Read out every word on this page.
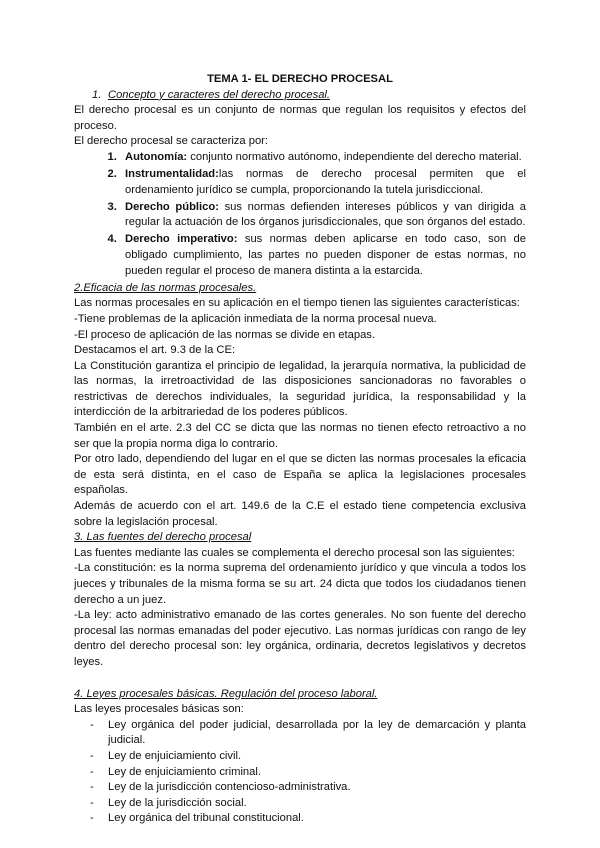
TEMA 1- EL DERECHO PROCESAL
1. Concepto y caracteres del derecho procesal.

El derecho procesal es un conjunto de normas que regulan los requisitos y efectos del proceso.

El derecho procesal se caracteriza por:

1. Autonomía: conjunto normativo autónomo, independiente del derecho material.
2. Instrumentalidad:las normas de derecho procesal permiten que el ordenamiento jurídico se cumpla, proporcionando la tutela jurisdiccional.
3. Derecho público: sus normas defienden intereses públicos y van dirigida a regular la actuación de los órganos jurisdiccionales, que son órganos del estado.
4. Derecho imperativo: sus normas deben aplicarse en todo caso, son de obligado cumplimiento, las partes no pueden disponer de estas normas, no pueden regular el proceso de manera distinta a la estarcida.
2.Eficacia de las normas procesales.

Las normas procesales en su aplicación en el tiempo tienen las siguientes características:

-Tiene problemas de la aplicación inmediata de la norma procesal nueva.

-El proceso de aplicación de las normas se divide en etapas.

Destacamos el art. 9.3 de la CE:

La Constitución garantiza el principio de legalidad, la jerarquía normativa, la publicidad de las normas, la irretroactividad de las disposiciones sancionadoras no favorables o restrictivas de derechos individuales, la seguridad jurídica, la responsabilidad y la interdicción de la arbitrariedad de los poderes públicos.

También en el arte. 2.3 del CC se dicta que las normas no tienen efecto retroactivo a no ser que la propia norma diga lo contrario.

Por otro lado, dependiendo del lugar en el que se dicten las normas procesales la eficacia de esta será distinta, en el caso de España se aplica la legislaciones procesales españolas.

Además de acuerdo con el art. 149.6 de la C.E el estado tiene competencia exclusiva sobre la legislación procesal.

3. Las fuentes del derecho procesal

Las fuentes mediante las cuales se complementa el derecho procesal son las siguientes:

-La constitución: es la norma suprema del ordenamiento jurídico y que vincula a todos los jueces y tribunales de la misma forma se su art. 24 dicta que todos los ciudadanos tienen derecho a un juez.

-La ley: acto administrativo emanado de las cortes generales. No son fuente del derecho procesal las normas emanadas del poder ejecutivo. Las normas jurídicas con rango de ley dentro del derecho procesal son: ley orgánica, ordinaria, decretos legislativos y decretos leyes.

4. Leyes procesales básicas. Regulación del proceso laboral.

Las leyes procesales básicas son:

- Ley orgánica del poder judicial, desarrollada por la ley de demarcación y planta judicial.
- Ley de enjuiciamiento civil.
- Ley de enjuiciamiento criminal.
- Ley de la jurisdicción contencioso-administrativa.
- Ley de la jurisdicción social.
- Ley orgánica del tribunal constitucional.
